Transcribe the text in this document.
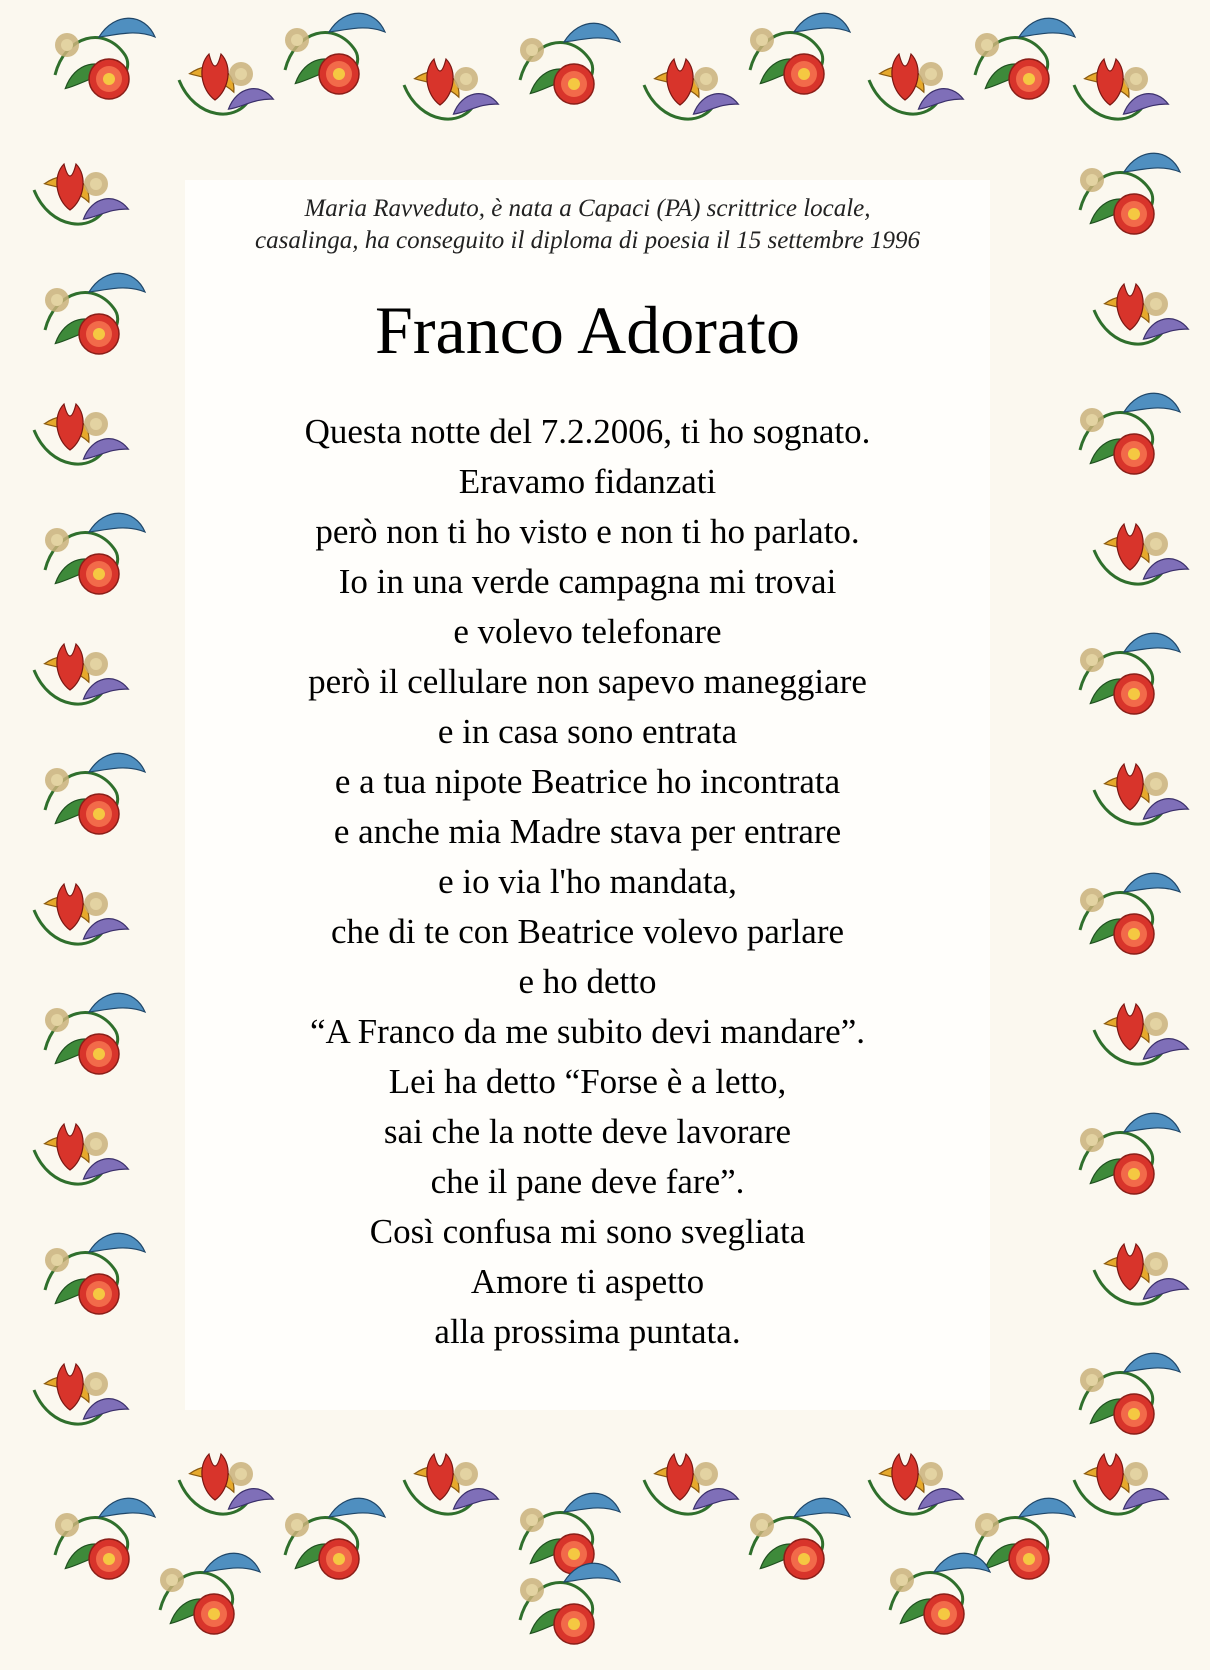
Maria Ravveduto, è nata a Capaci (PA) scrittrice locale,
casalinga, ha conseguito il diploma di poesia il 15 settembre 1996
Franco Adorato
Questa notte del 7.2.2006, ti ho sognato.
Eravamo fidanzati
però non ti ho visto e non ti ho parlato.
Io in una verde campagna mi trovai
e volevo telefonare
però il cellulare non sapevo maneggiare
e in casa sono entrata
e a tua nipote Beatrice ho incontrata
e anche mia Madre stava per entrare
e io via l'ho mandata,
che di te con Beatrice volevo parlare
e ho detto
“A Franco da me subito devi mandare”.
Lei ha detto “Forse è a letto,
sai che la notte deve lavorare
che il pane deve fare”.
Così confusa mi sono svegliata
Amore ti aspetto
alla prossima puntata.
